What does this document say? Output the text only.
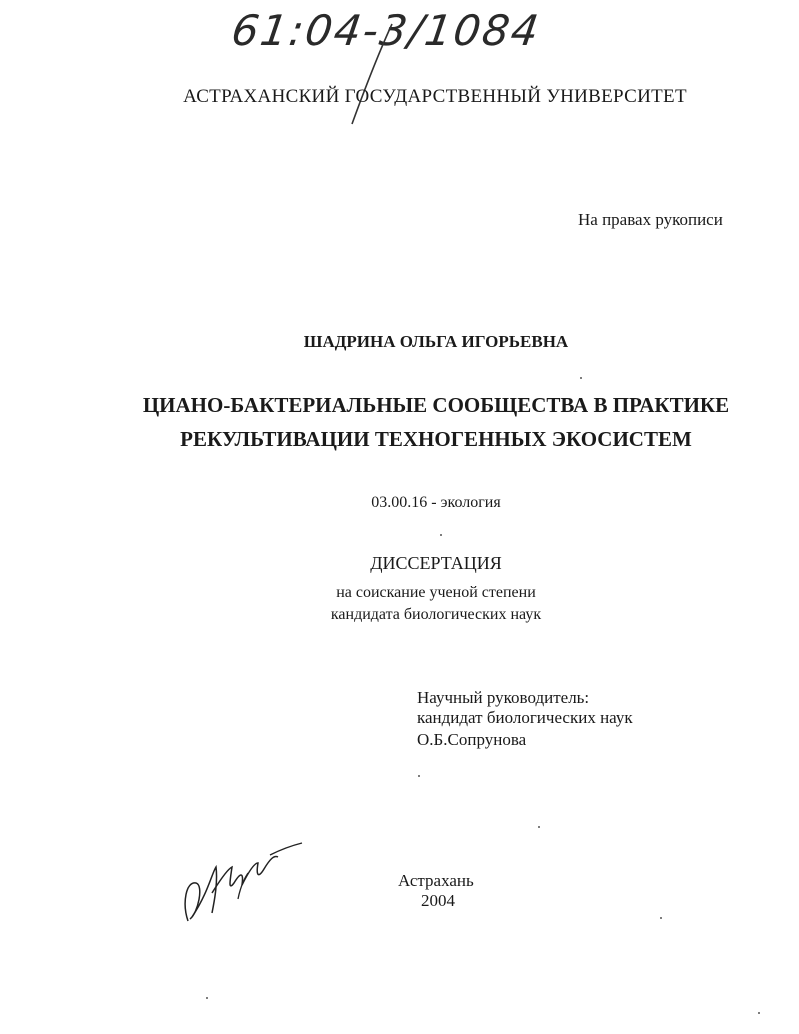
61:04-3/1084
АСТРАХАНСКИЙ ГОСУДАРСТВЕННЫЙ УНИВЕРСИТЕТ
На правах рукописи
ШАДРИНА ОЛЬГА ИГОРЬЕВНА
ЦИАНО-БАКТЕРИАЛЬНЫЕ СООБЩЕСТВА В ПРАКТИКЕ
РЕКУЛЬТИВАЦИИ ТЕХНОГЕННЫХ ЭКОСИСТЕМ
03.00.16 - экология
ДИССЕРТАЦИЯ
на соискание ученой степени
кандидата биологических наук
Научный руководитель:
кандидат биологических наук
О.Б.Сопрунова
Астрахань
2004
